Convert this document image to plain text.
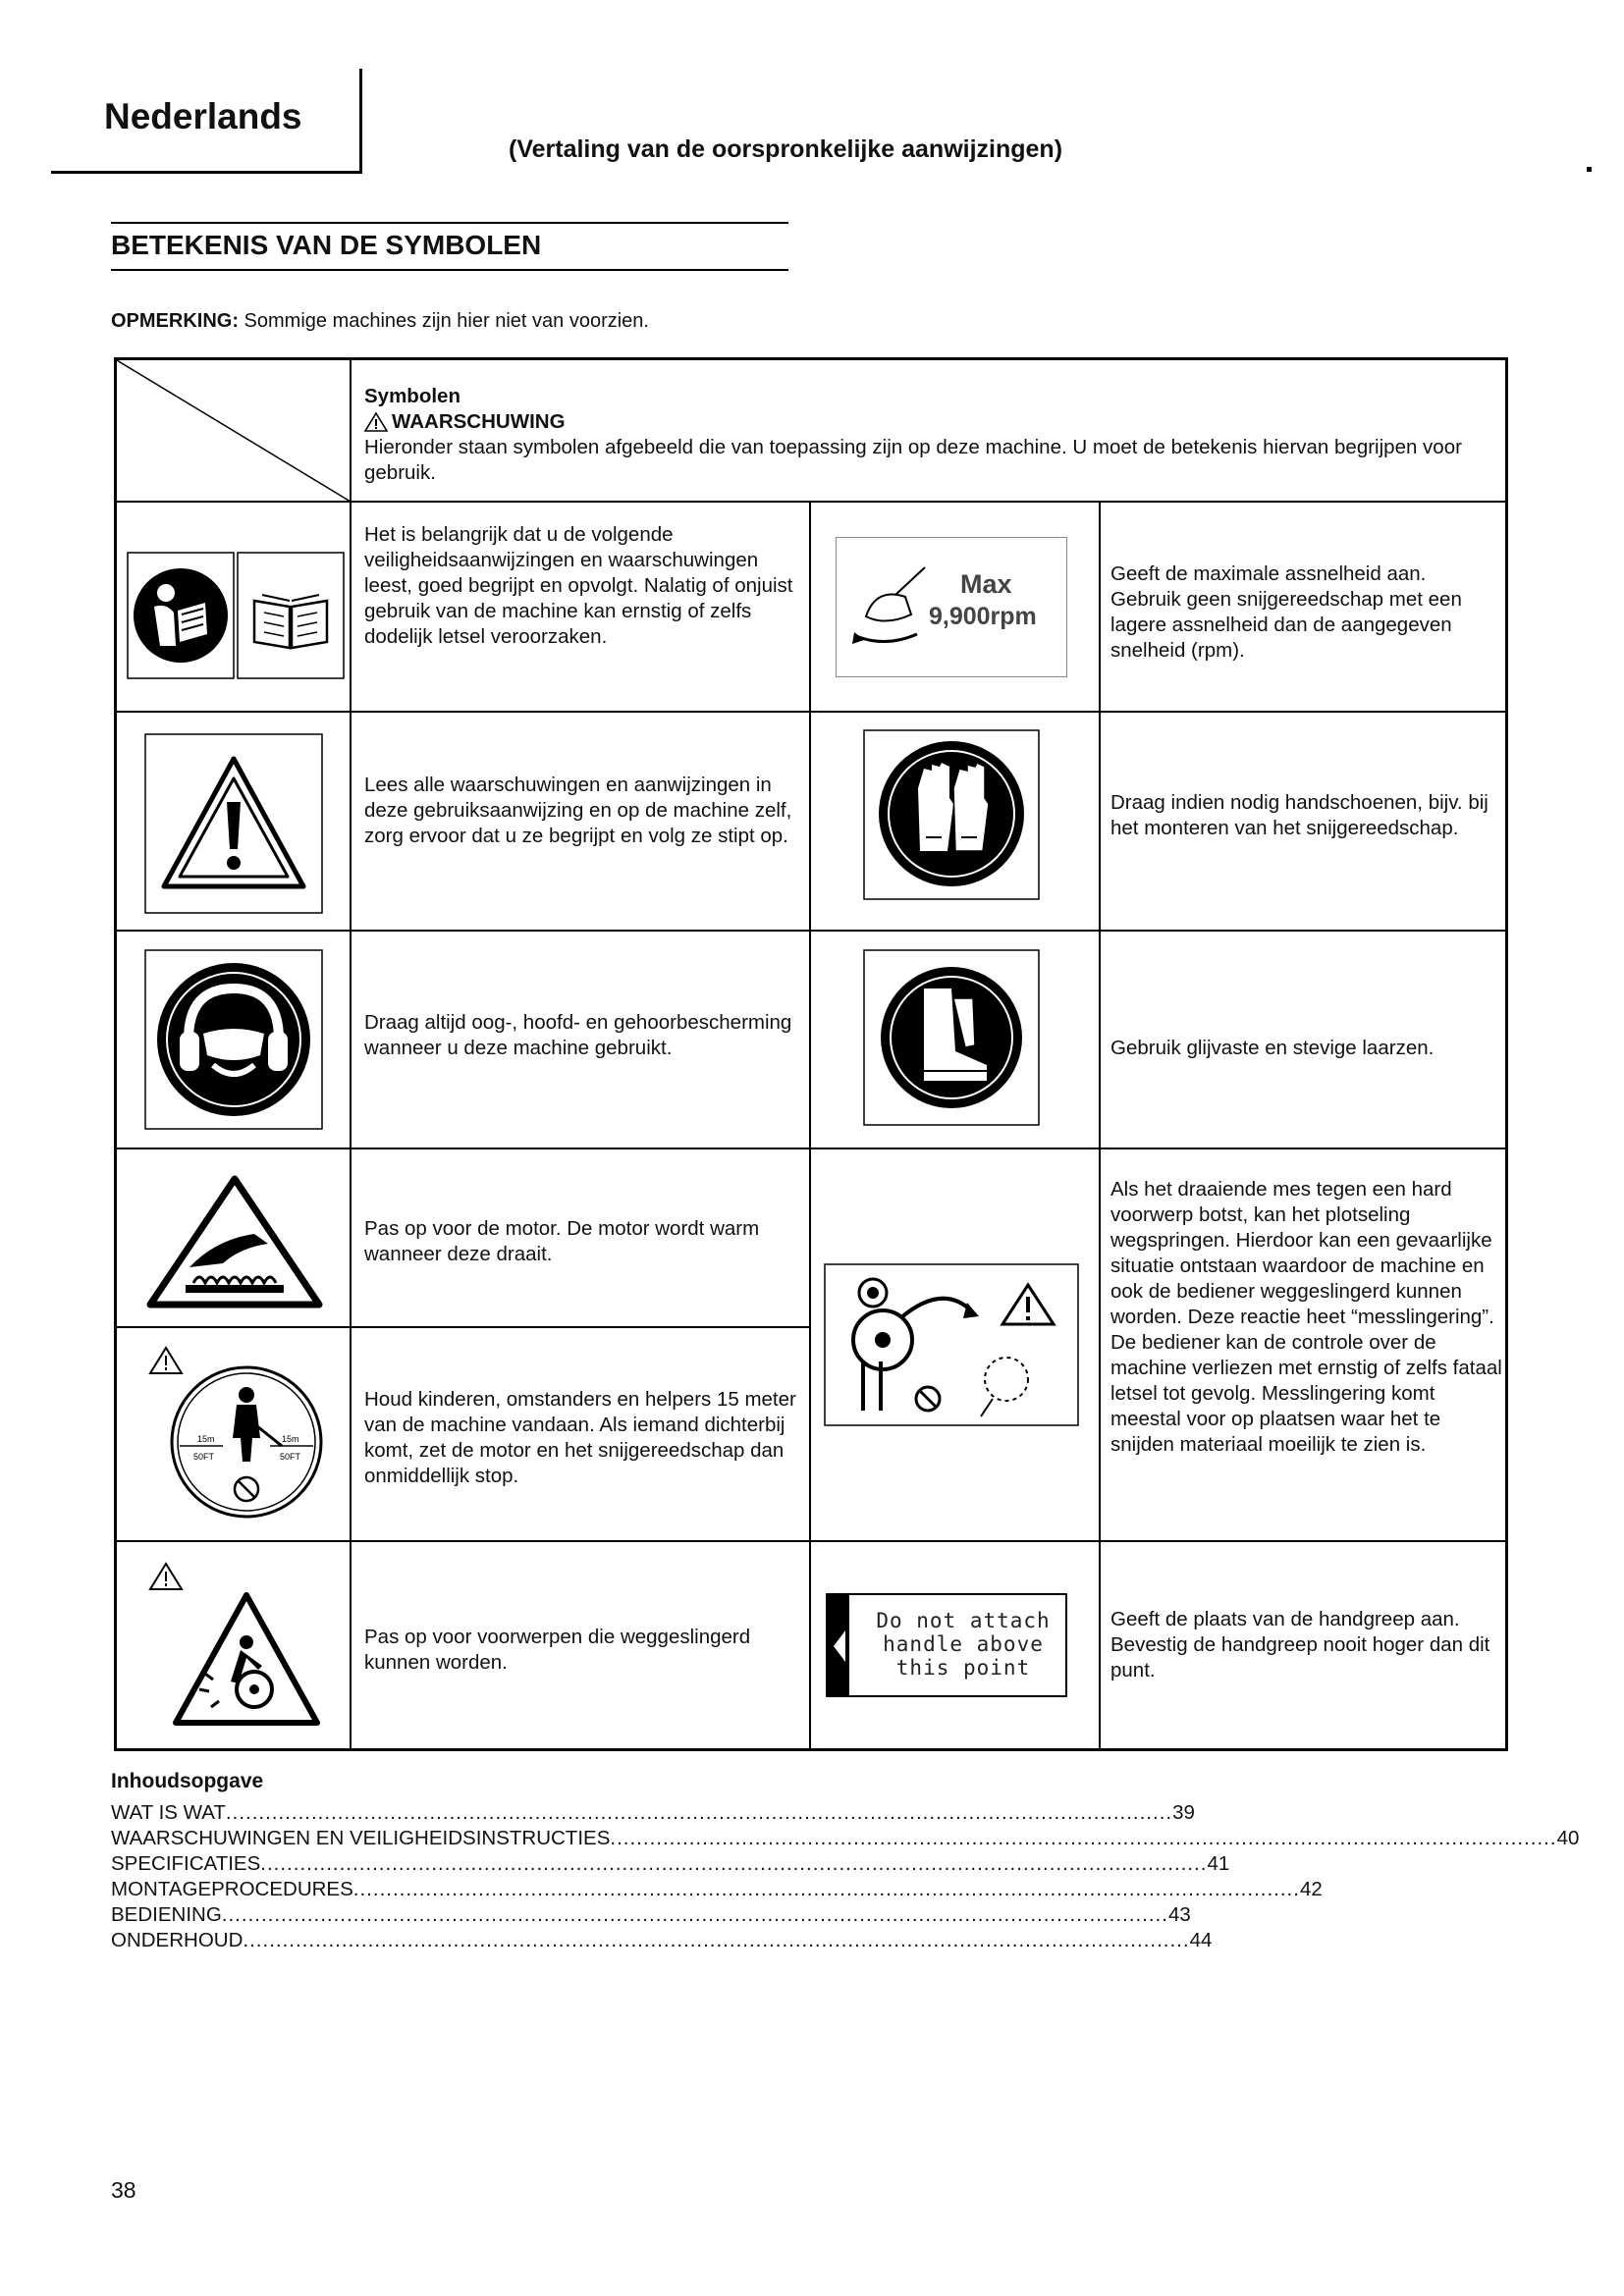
Nederlands
(Vertaling van de oorspronkelijke aanwijzingen)
BETEKENIS VAN DE SYMBOLEN
OPMERKING: Sommige machines zijn hier niet van voorzien.
Symbolen
WAARSCHUWING
Hieronder staan symbolen afgebeeld die van toepassing zijn op deze machine. U moet de betekenis hiervan begrijpen voor gebruik.
Het is belangrijk dat u de volgende veiligheidsaanwijzingen en waarschuwingen leest, goed begrijpt en opvolgt. Nalatig of onjuist gebruik van de machine kan ernstig of zelfs dodelijk letsel veroorzaken.
Max
9,900rpm
Geeft de maximale assnelheid aan. Gebruik geen snijgereedschap met een lagere assnelheid dan de aangegeven snelheid (rpm).
Lees alle waarschuwingen en aanwijzingen in deze gebruiksaanwijzing en op de machine zelf, zorg ervoor dat u ze begrijpt en volg ze stipt op.
Draag indien nodig handschoenen, bijv. bij het monteren van het snijgereedschap.
Draag altijd oog-, hoofd- en gehoorbescherming wanneer u deze machine gebruikt.	Gebruik glijvaste en stevige laarzen.
Pas op voor de motor. De motor wordt warm wanneer deze draait.
Als het draaiende mes tegen een hard voorwerp botst, kan het plotseling wegspringen. Hierdoor kan een gevaarlijke situatie ontstaan waardoor de machine en ook de bediener weggeslingerd kunnen worden. Deze reactie heet “messlingering”. De bediener kan de controle over de machine verliezen met ernstig of zelfs fataal letsel tot gevolg. Messlingering komt meestal voor op plaatsen waar het te snijden materiaal moeilijk te zien is.
15m
50FT
15m
50FT
Houd kinderen, omstanders en helpers 15 meter van de machine vandaan. Als iemand dichterbij komt, zet de motor en het snijgereedschap dan onmiddellijk stop.
Pas op voor voorwerpen die weggeslingerd kunnen worden.
Do not attach
handle above
this point
Geeft de plaats van de handgreep aan. Bevestig de handgreep nooit hoger dan dit punt.
Inhoudsopgave
WAT IS WAT ................................................................................................................................................ 39
WAARSCHUWINGEN EN VEILIGHEIDSINSTRUCTIES ................................................................................................................................................ 40
SPECIFICATIES ................................................................................................................................................ 41
MONTAGEPROCEDURES ................................................................................................................................................ 42
BEDIENING ................................................................................................................................................ 43
ONDERHOUD ................................................................................................................................................ 44
38
